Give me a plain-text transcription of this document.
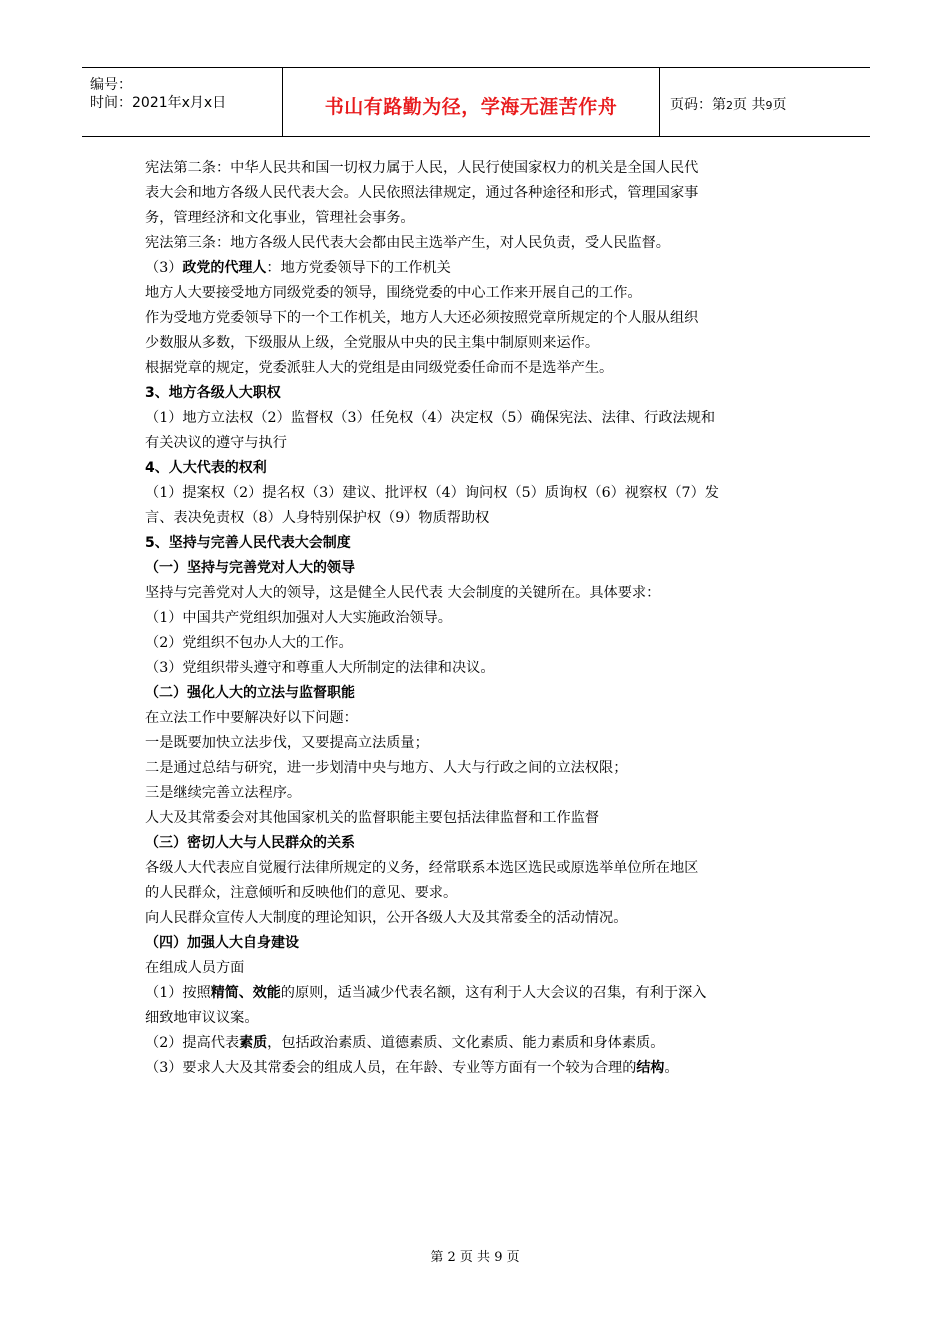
编号：
时间：2021年x月x日	书山有路勤为径，学海无涯苦作舟	页码：第2页 共9页

宪法第二条：中华人民共和国一切权力属于人民，人民行使国家权力的机关是全国人民代

表大会和地方各级人民代表大会。人民依照法律规定，通过各种途径和形式，管理国家事

务，管理经济和文化事业，管理社会事务。

宪法第三条：地方各级人民代表大会都由民主选举产生，对人民负责，受人民监督。

（3）政党的代理人：地方党委领导下的工作机关

地方人大要接受地方同级党委的领导，围绕党委的中心工作来开展自己的工作。

作为受地方党委领导下的一个工作机关，地方人大还必须按照党章所规定的个人服从组织

少数服从多数，下级服从上级，全党服从中央的民主集中制原则来运作。

根据党章的规定，党委派驻人大的党组是由同级党委任命而不是选举产生。

3、地方各级人大职权

（1）地方立法权（2）监督权（3）任免权（4）决定权（5）确保宪法、法律、行政法规和

有关决议的遵守与执行

4、人大代表的权利

（1）提案权（2）提名权（3）建议、批评权（4）询问权（5）质询权（6）视察权（7）发

言、表决免责权（8）人身特别保护权（9）物质帮助权

5、坚持与完善人民代表大会制度

（一）坚持与完善党对人大的领导

坚持与完善党对人大的领导，这是健全人民代表 大会制度的关键所在。具体要求：

（1）中国共产党组织加强对人大实施政治领导。

（2）党组织不包办人大的工作。

（3）党组织带头遵守和尊重人大所制定的法律和决议。

（二）强化人大的立法与监督职能

在立法工作中要解决好以下问题：

一是既要加快立法步伐，又要提高立法质量；

二是通过总结与研究，进一步划清中央与地方、人大与行政之间的立法权限；

三是继续完善立法程序。

人大及其常委会对其他国家机关的监督职能主要包括法律监督和工作监督

（三）密切人大与人民群众的关系

各级人大代表应自觉履行法律所规定的义务，经常联系本选区选民或原选举单位所在地区

的人民群众，注意倾听和反映他们的意见、要求。

向人民群众宣传人大制度的理论知识，公开各级人大及其常委全的活动情况。

（四）加强人大自身建设

在组成人员方面

（1）按照精简、效能的原则，适当减少代表名额，这有利于人大会议的召集，有利于深入

细致地审议议案。

（2）提高代表素质，包括政治素质、道德素质、文化素质、能力素质和身体素质。

（3）要求人大及其常委会的组成人员，在年龄、专业等方面有一个较为合理的结构。

第 2 页 共 9 页
